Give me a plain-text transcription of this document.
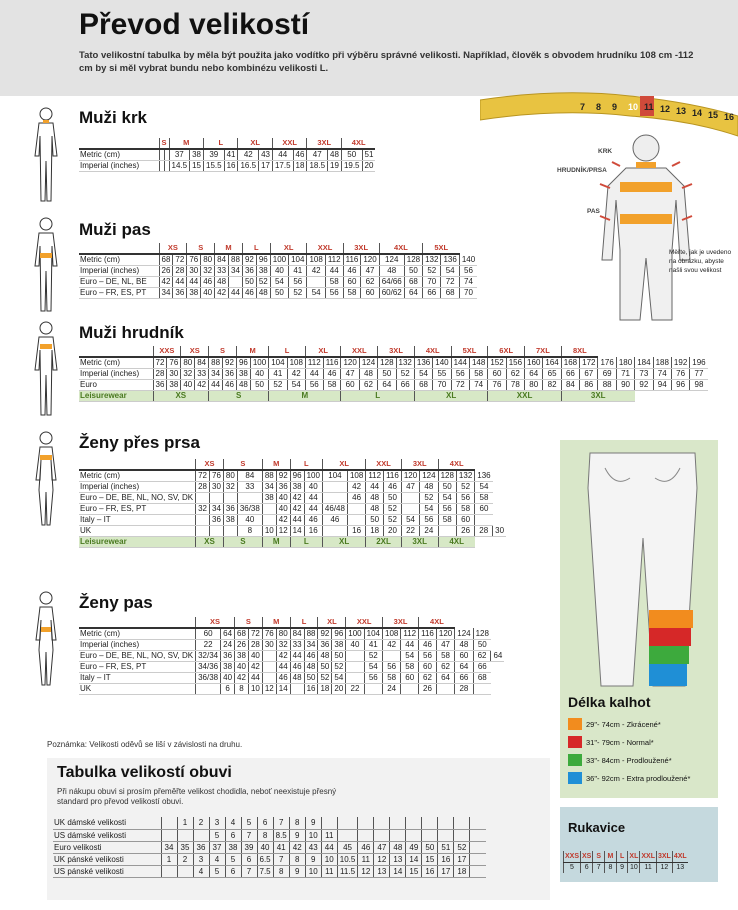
Převod velikostí
Tato velikostní tabulka by měla být použita jako vodítko při výběru správné velikosti. Například, člověk s obvodem hrudníku 108 cm -112 cm by si měl vybrat bundu nebo kombinézu velikosti L.
7 8 9 10 11 12 13 14 15 16
KRK
HRUDNÍK/PRSA
PAS
Měřte, jak je uvedeno na obrázku, abyste našli svou velikost
Muži krk
	S		M		L		XL		XXL		3XL		4XL	
Metric (cm)			37	38	39	41	42	43	44	46	47	48	50	51
Imperial (inches)			14.5	15	15.5	16	16.5	17	17.5	18	18.5	19	19.5	20
Muži pas
	XS		S		M		L		XL		XXL		3XL		4XL		5XL		
Metric (cm)	68	72	76	80	84	88	92	96	100	104	108	112	116	120	124	128	132	136	140
Imperial (inches)	26	28	30	32	33	34	36	38	40	41	42	44	46	47	48	50	52	54	56
Euro – DE, NL, BE	42	44	44	46	48		50	52	54	56		58	60	62	64/66	68	70	72	74
Euro – FR, ES, PT	34	36	38	40	42	44	46	48	50	52	54	56	58	60	60/62	64	66	68	70
Muži hrudník
	XXS		XS		S		M		L		XL		XXL		3XL		4XL		5XL		6XL		7XL		8XL							
Metric (cm)	72	76	80	84	88	92	96	100	104	108	112	116	120	124	128	132	136	140	144	148	152	156	160	164	168	172	176	180	184	188	192	196
Imperial (inches)	28	30	32	33	34	36	38	40	41	42	44	46	47	48	50	52	54	55	56	58	60	62	64	65	66	67	69	71	73	74	76	77
Euro	36	38	40	42	44	46	48	50	52	54	56	58	60	62	64	66	68	70	72	74	76	78	80	82	84	86	88	90	92	94	96	98
Leisurewear	XS				S				M				L				XL				XXL				3XL							
Ženy přes prsa
	XS		S		M		L		XL		XXL		3XL		4XL			
Metric (cm)	72	76	80	84	88	92	96	100	104	108	112	116	120	124	128	132	136	
Imperial (inches)	28	30	32	33	34	36	38	40		42	44	46	47	48	50	52	54	
Euro – DE, BE, NL, NO, SV, DK					38	40	42	44		46	48	50		52	54	56	58	
Euro – FR, ES, PT	32	34	36	36/38		40	42	44	46/48		48	52		54	56	58	60	
Italy – IT		36	38	40		42	44	46	46		50	52	54	56	58	60		
UK				8	10	12	14	16		16	18	20	22	24		26	28	30
Leisurewear	XS		S		M		L		XL		2XL		3XL		4XL			
Ženy pas
	XS		S		M		L		XL		XXL		3XL		4XL				
Metric (cm)	60	64	68	72	76	80	84	88	92	96	100	104	108	112	116	120	124	128	
Imperial (inches)	22	24	26	28	30	32	33	34	36	38	40	41	42	44	46	47	48	50	
Euro – DE, BE, NL, NO, SV, DK	32/34	36	38	40		42	44	46	48	50		52		54	56	58	60	62	64
Euro – FR, ES, PT	34/36	38	40	42		44	46	48	50	52		54	56	58	60	62	64	66	
Italy – IT	36/38	40	42	44		46	48	50	52	54		56	58	60	62	64	66	68	
UK		6	8	10	12	14		16	18	20	22		24		26		28		
Poznámka: Velikosti oděvů se liší v závislosti na druhu.
Tabulka velikostí obuvi
Při nákupu obuvi si prosím přeměřte velikost chodidla, neboť neexistuje přesný standard pro převod velikostí obuvi.
UK dámské velikosti		1	2	3	4	5	6	7	8	9										
US dámské velikosti				5	6	7	8	8.5	9	10	11									
Euro velikosti	34	35	36	37	38	39	40	41	42	43	44	45	46	47	48	49	50	51	52	
UK pánské velikosti	1	2	3	4	5	6	6.5	7	8	9	10	10.5	11	12	13	14	15	16	17	
US pánské velikosti			4	5	6	7	7.5	8	9	10	11	11.5	12	13	14	15	16	17	18	
Délka kalhot
29"- 74cm - Zkrácené*
31"- 79cm - Normal*
33"- 84cm - Prodloužené*
36"- 92cm - Extra prodloužené*
Rukavice
XXS	XS	S	M	L	XL	XXL	3XL	4XL
5	6	7	8	9	10	11	12	13
